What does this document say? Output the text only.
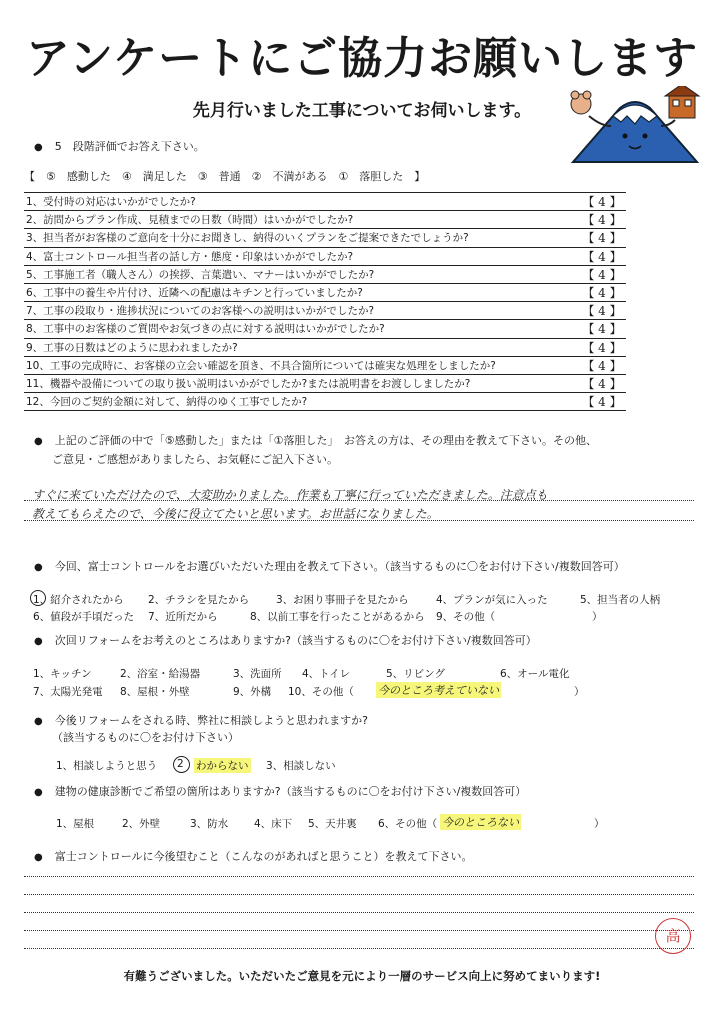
アンケートにご協力お願いします
先月行いました工事についてお伺いします。
● 5　段階評価でお答え下さい。
【　⑤　感動した　④　満足した　③　普通　②　不満がある　①　落胆した　】
1、受付時の対応はいかがでしたか?	【 4 】
2、訪問からプラン作成、見積までの日数（時間）はいかがでしたか?	【 4 】
3、担当者がお客様のご意向を十分にお聞きし、納得のいくプランをご提案できたでしょうか?	【 4 】
4、富士コントロール担当者の話し方・態度・印象はいかがでしたか?	【 4 】
5、工事施工者（職人さん）の挨拶、言葉遣い、マナーはいかがでしたか?	【 4 】
6、工事中の養生や片付け、近隣への配慮はキチンと行っていましたか?	【 4 】
7、工事の段取り・進捗状況についてのお客様への説明はいかがでしたか?	【 4 】
8、工事中のお客様のご質問やお気づきの点に対する説明はいかがでしたか?	【 4 】
9、工事の日数はどのように思われましたか?	【 4 】
10、工事の完成時に、お客様の立会い確認を頂き、不具合箇所については確実な処理をしましたか?	【 4 】
11、機器や設備についての取り扱い説明はいかがでしたか?または説明書をお渡ししましたか?	【 4 】
12、今回のご契約金額に対して、納得のゆく工事でしたか?	【 4 】
● 上記のご評価の中で「⑤感動した」または「①落胆した」　お答えの方は、その理由を教えて下さい。その他、
ご意見・ご感想がありましたら、お気軽にご記入下さい。
すぐに来ていただけたので、大変助かりました。作業も丁寧に行っていただきました。注意点も
教えてもらえたので、今後に役立てたいと思います。お世話になりました。
● 今回、富士コントロールをお選びいただいた理由を教えて下さい。（該当するものに〇をお付け下さい/複数回答可）
1、紹介されたから 2、チラシを見たから	3、お困り事冊子を見たから	4、プランが気に入った	5、担当者の人柄
6、値段が手頃だった 7、近所だから	8、以前工事を行ったことがあるから 9、その他（	）
● 次回リフォームをお考えのところはありますか?（該当するものに〇をお付け下さい/複数回答可）
1、キッチン	2、浴室・給湯器	3、洗面所 4、トイレ	5、リビング	6、オール電化
7、太陽光発電 8、屋根・外壁	9、外構 10、その他（ 今のところ考えていない	）
● 今後リフォームをされる時、弊社に相談しようと思われますか?
（該当するものに〇をお付け下さい）
1、相談しようと思う 2 わからない 3、相談しない
● 建物の健康診断でご希望の箇所はありますか?（該当するものに〇をお付け下さい/複数回答可）
1、屋根	2、外壁	3、防水 4、床下 5、天井裏 6、その他（ 今のところない	）
● 富士コントロールに今後望むこと（こんなのがあればと思うこと）を教えて下さい。
高
有難うございました。いただいたご意見を元により一層のサービス向上に努めてまいります!
